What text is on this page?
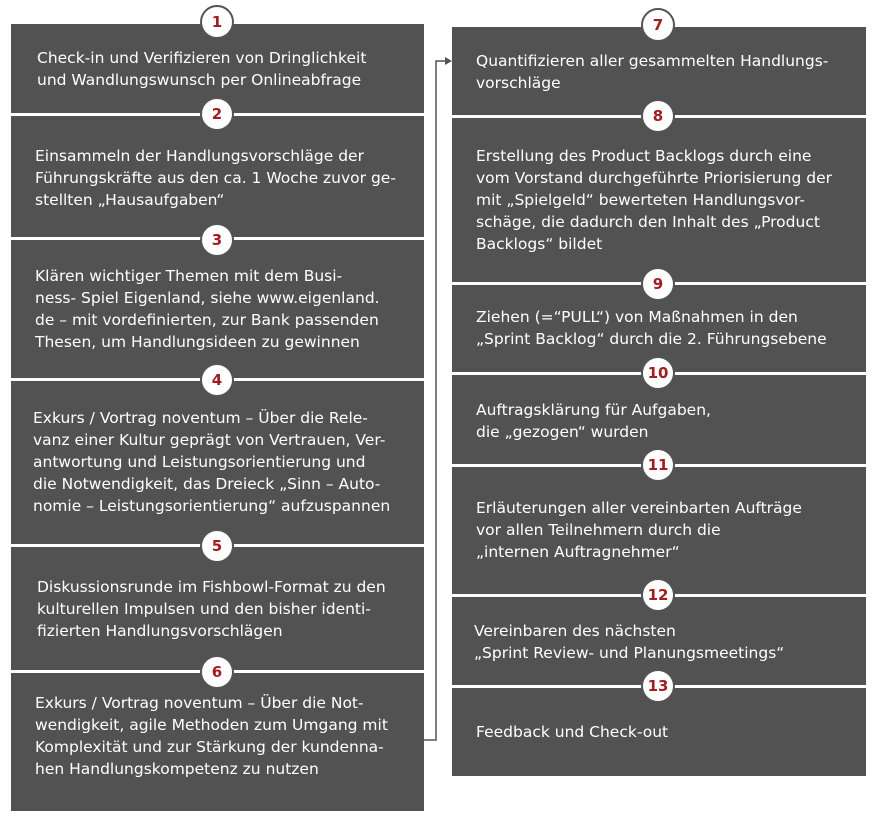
Check-in und Verifizieren von Dringlichkeit
und Wandlungswunsch per Onlineabfrage
Einsammeln der Handlungsvorschläge der
Führungskräfte aus den ca. 1 Woche zuvor ge-
stellten „Hausaufgaben“
Klären wichtiger Themen mit dem Busi-
ness- Spiel Eigenland, siehe www.eigenland.
de – mit vordefinierten, zur Bank passenden
Thesen, um Handlungsideen zu gewinnen
Exkurs / Vortrag noventum – Über die Rele-
vanz einer Kultur geprägt von Vertrauen, Ver-
antwortung und Leistungsorientierung und
die Notwendigkeit, das Dreieck „Sinn – Auto-
nomie – Leistungsorientierung“ aufzuspannen
Diskussionsrunde im Fishbowl-Format zu den
kulturellen Impulsen und den bisher identi-
fizierten Handlungsvorschlägen
Exkurs / Vortrag noventum – Über die Not-
wendigkeit, agile Methoden zum Umgang mit
Komplexität und zur Stärkung der kundenna-
hen Handlungskompetenz zu nutzen
Quantifizieren aller gesammelten Handlungs-
vorschläge
Erstellung des Product Backlogs durch eine
vom Vorstand durchgeführte Priorisierung der
mit „Spielgeld“ bewerteten Handlungsvor-
schäge, die dadurch den Inhalt des „Product
Backlogs“ bildet
Ziehen (=“PULL“) von Maßnahmen in den
„Sprint Backlog“ durch die 2. Führungsebene
Auftragsklärung für Aufgaben,
die „gezogen“ wurden
Erläuterungen aller vereinbarten Aufträge
vor allen Teilnehmern durch die
„internen Auftragnehmer“
Vereinbaren des nächsten
„Sprint Review- und Planungsmeetings“
Feedback und Check-out
1
2
3
4
5
6
7
8
9
10
11
12
13
